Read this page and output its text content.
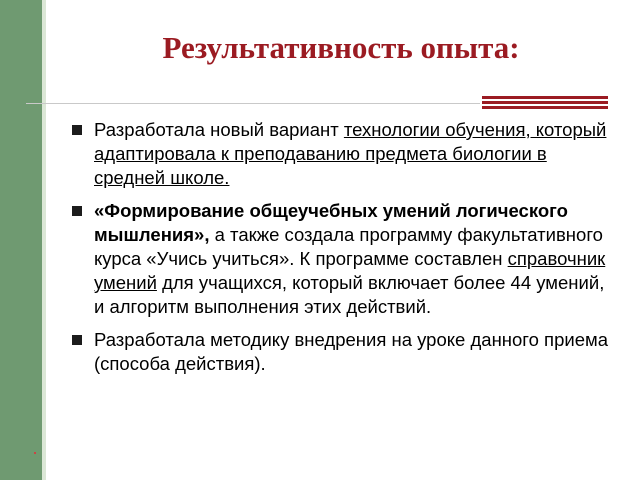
Результативность опыта:
Разработала новый вариант технологии обучения, который адаптировала к преподаванию предмета биологии в средней школе.
«Формирование общеучебных умений логического мышления», а также создала программу факультативного курса «Учись учиться». К программе составлен справочник умений для учащихся, который включает более 44 умений, и алгоритм выполнения этих действий.
Разработала методику внедрения на уроке данного приема (способа действия).
